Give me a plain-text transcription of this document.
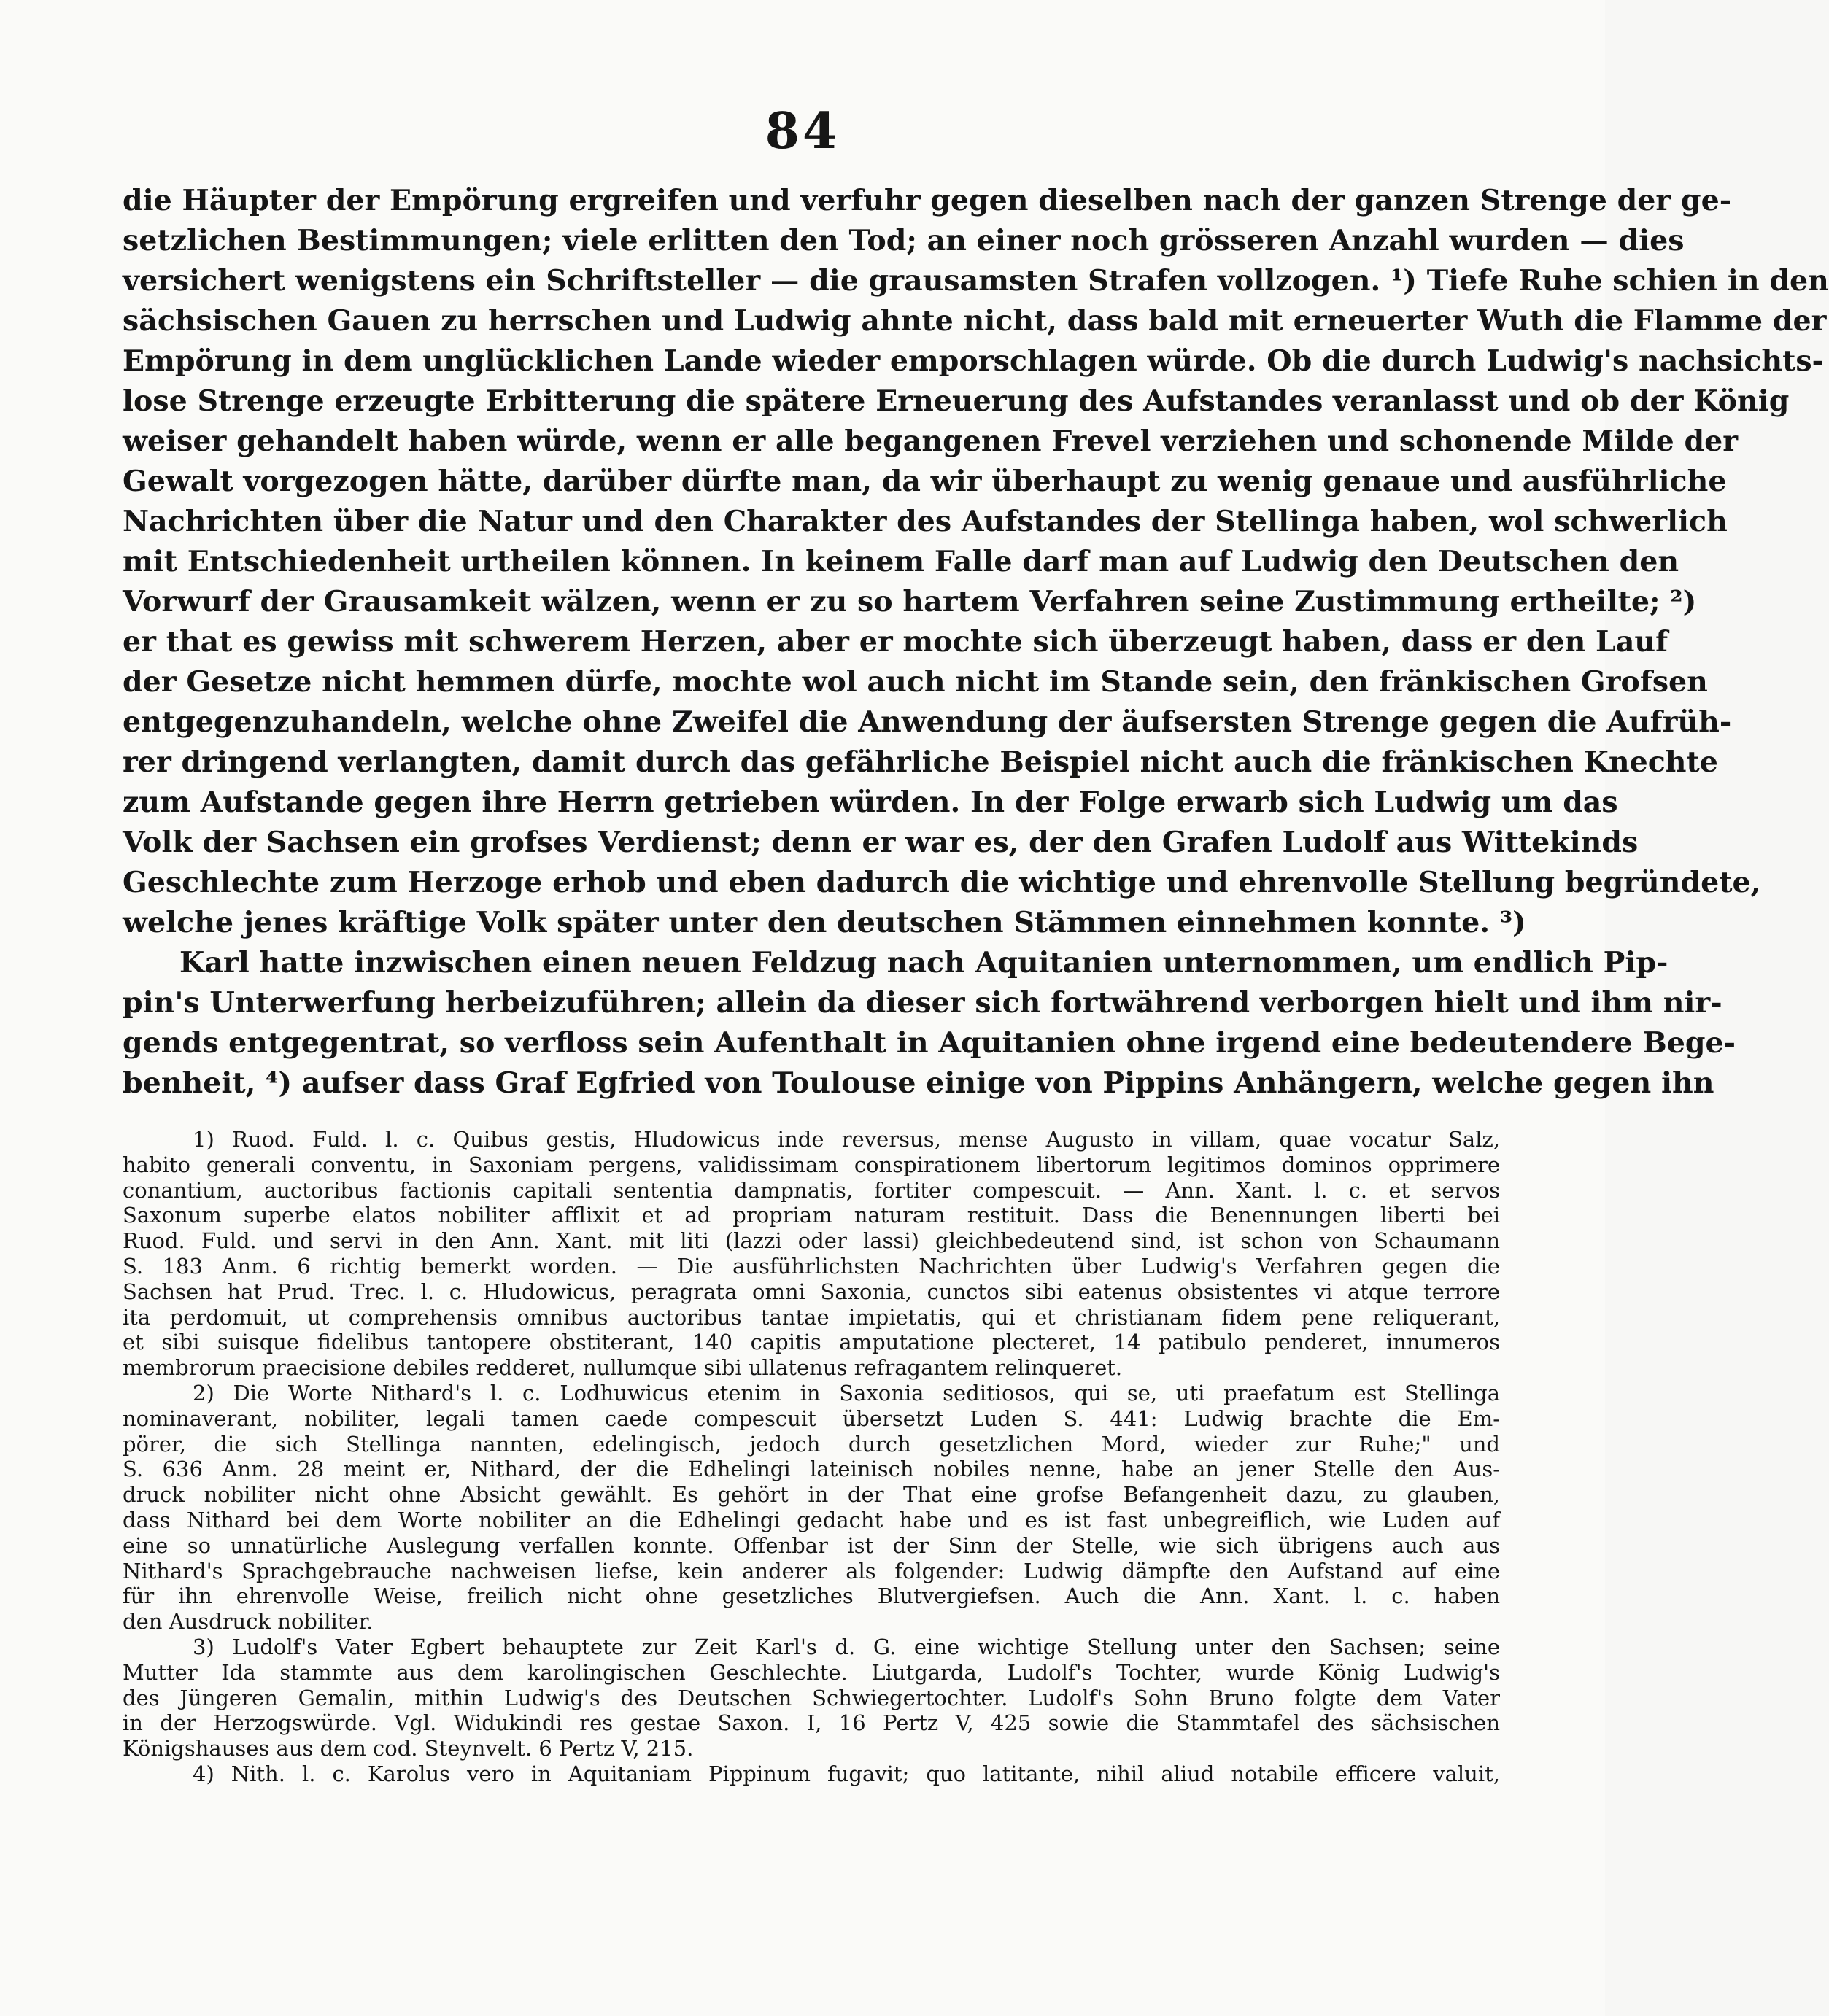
84
die Häupter der Empörung ergreifen und verfuhr gegen dieselben nach der ganzen Strenge der ge-
setzlichen Bestimmungen; viele erlitten den Tod; an einer noch grösseren Anzahl wurden — dies
versichert wenigstens ein Schriftsteller — die grausamsten Strafen vollzogen. ¹) Tiefe Ruhe schien in den
sächsischen Gauen zu herrschen und Ludwig ahnte nicht, dass bald mit erneuerter Wuth die Flamme der
Empörung in dem unglücklichen Lande wieder emporschlagen würde. Ob die durch Ludwig's nachsichts-
lose Strenge erzeugte Erbitterung die spätere Erneuerung des Aufstandes veranlasst und ob der König
weiser gehandelt haben würde, wenn er alle begangenen Frevel verziehen und schonende Milde der
Gewalt vorgezogen hätte, darüber dürfte man, da wir überhaupt zu wenig genaue und ausführliche
Nachrichten über die Natur und den Charakter des Aufstandes der Stellinga haben, wol schwerlich
mit Entschiedenheit urtheilen können. In keinem Falle darf man auf Ludwig den Deutschen den
Vorwurf der Grausamkeit wälzen, wenn er zu so hartem Verfahren seine Zustimmung ertheilte; ²)
er that es gewiss mit schwerem Herzen, aber er mochte sich überzeugt haben, dass er den Lauf
der Gesetze nicht hemmen dürfe, mochte wol auch nicht im Stande sein, den fränkischen Grofsen
entgegenzuhandeln, welche ohne Zweifel die Anwendung der äufsersten Strenge gegen die Aufrüh-
rer dringend verlangten, damit durch das gefährliche Beispiel nicht auch die fränkischen Knechte
zum Aufstande gegen ihre Herrn getrieben würden. In der Folge erwarb sich Ludwig um das
Volk der Sachsen ein grofses Verdienst; denn er war es, der den Grafen Ludolf aus Wittekinds
Geschlechte zum Herzoge erhob und eben dadurch die wichtige und ehrenvolle Stellung begründete,
welche jenes kräftige Volk später unter den deutschen Stämmen einnehmen konnte. ³)
Karl hatte inzwischen einen neuen Feldzug nach Aquitanien unternommen, um endlich Pip-
pin's Unterwerfung herbeizuführen; allein da dieser sich fortwährend verborgen hielt und ihm nir-
gends entgegentrat, so verfloss sein Aufenthalt in Aquitanien ohne irgend eine bedeutendere Bege-
benheit, ⁴) aufser dass Graf Egfried von Toulouse einige von Pippins Anhängern, welche gegen ihn
1) Ruod. Fuld. l. c. Quibus gestis, Hludowicus inde reversus, mense Augusto in villam, quae vocatur Salz,
habito generali conventu, in Saxoniam pergens, validissimam conspirationem libertorum legitimos dominos opprimere
conantium, auctoribus factionis capitali sententia dampnatis, fortiter compescuit. — Ann. Xant. l. c. et servos
Saxonum superbe elatos nobiliter afflixit et ad propriam naturam restituit. Dass die Benennungen liberti bei
Ruod. Fuld. und servi in den Ann. Xant. mit liti (lazzi oder lassi) gleichbedeutend sind, ist schon von Schaumann
S. 183 Anm. 6 richtig bemerkt worden. — Die ausführlichsten Nachrichten über Ludwig's Verfahren gegen die
Sachsen hat Prud. Trec. l. c. Hludowicus, peragrata omni Saxonia, cunctos sibi eatenus obsistentes vi atque terrore
ita perdomuit, ut comprehensis omnibus auctoribus tantae impietatis, qui et christianam fidem pene reliquerant,
et sibi suisque fidelibus tantopere obstiterant, 140 capitis amputatione plecteret, 14 patibulo penderet, innumeros
membrorum praecisione debiles redderet, nullumque sibi ullatenus refragantem relinqueret.
2) Die Worte Nithard's l. c. Lodhuwicus etenim in Saxonia seditiosos, qui se, uti praefatum est Stellinga
nominaverant, nobiliter, legali tamen caede compescuit übersetzt Luden S. 441: Ludwig brachte die Em-
pörer, die sich Stellinga nannten, edelingisch, jedoch durch gesetzlichen Mord, wieder zur Ruhe;" und
S. 636 Anm. 28 meint er, Nithard, der die Edhelingi lateinisch nobiles nenne, habe an jener Stelle den Aus-
druck nobiliter nicht ohne Absicht gewählt. Es gehört in der That eine grofse Befangenheit dazu, zu glauben,
dass Nithard bei dem Worte nobiliter an die Edhelingi gedacht habe und es ist fast unbegreiflich, wie Luden auf
eine so unnatürliche Auslegung verfallen konnte. Offenbar ist der Sinn der Stelle, wie sich übrigens auch aus
Nithard's Sprachgebrauche nachweisen liefse, kein anderer als folgender: Ludwig dämpfte den Aufstand auf eine
für ihn ehrenvolle Weise, freilich nicht ohne gesetzliches Blutvergiefsen. Auch die Ann. Xant. l. c. haben
den Ausdruck nobiliter.
3) Ludolf's Vater Egbert behauptete zur Zeit Karl's d. G. eine wichtige Stellung unter den Sachsen; seine
Mutter Ida stammte aus dem karolingischen Geschlechte. Liutgarda, Ludolf's Tochter, wurde König Ludwig's
des Jüngeren Gemalin, mithin Ludwig's des Deutschen Schwiegertochter. Ludolf's Sohn Bruno folgte dem Vater
in der Herzogswürde. Vgl. Widukindi res gestae Saxon. I, 16 Pertz V, 425 sowie die Stammtafel des sächsischen
Königshauses aus dem cod. Steynvelt. 6 Pertz V, 215.
4) Nith. l. c. Karolus vero in Aquitaniam Pippinum fugavit; quo latitante, nihil aliud notabile efficere valuit,
